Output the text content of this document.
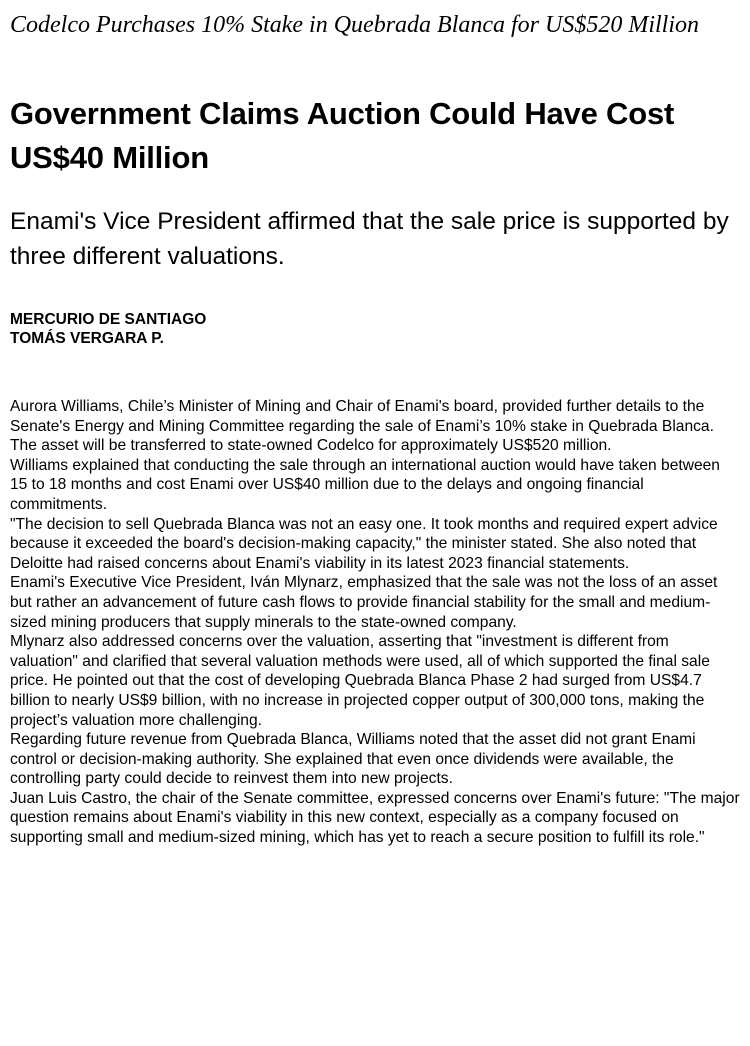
Codelco Purchases 10% Stake in Quebrada Blanca for US$520 Million

Government Claims Auction Could Have Cost US$40 Million

Enami's Vice President affirmed that the sale price is supported by three different valuations.

MERCURIO DE SANTIAGO
TOMÁS VERGARA P.

Aurora Williams, Chile’s Minister of Mining and Chair of Enami's board, provided further details to the Senate's Energy and Mining Committee regarding the sale of Enami’s 10% stake in Quebrada Blanca. The asset will be transferred to state-owned Codelco for approximately US$520 million.

Williams explained that conducting the sale through an international auction would have taken between 15 to 18 months and cost Enami over US$40 million due to the delays and ongoing financial commitments.

"The decision to sell Quebrada Blanca was not an easy one. It took months and required expert advice because it exceeded the board's decision-making capacity," the minister stated. She also noted that Deloitte had raised concerns about Enami's viability in its latest 2023 financial statements.

Enami's Executive Vice President, Iván Mlynarz, emphasized that the sale was not the loss of an asset but rather an advancement of future cash flows to provide financial stability for the small and medium-sized mining producers that supply minerals to the state-owned company.

Mlynarz also addressed concerns over the valuation, asserting that "investment is different from valuation" and clarified that several valuation methods were used, all of which supported the final sale price. He pointed out that the cost of developing Quebrada Blanca Phase 2 had surged from US$4.7 billion to nearly US$9 billion, with no increase in projected copper output of 300,000 tons, making the project’s valuation more challenging.

Regarding future revenue from Quebrada Blanca, Williams noted that the asset did not grant Enami control or decision-making authority. She explained that even once dividends were available, the controlling party could decide to reinvest them into new projects.

Juan Luis Castro, the chair of the Senate committee, expressed concerns over Enami's future: "The major question remains about Enami's viability in this new context, especially as a company focused on supporting small and medium-sized mining, which has yet to reach a secure position to fulfill its role."
